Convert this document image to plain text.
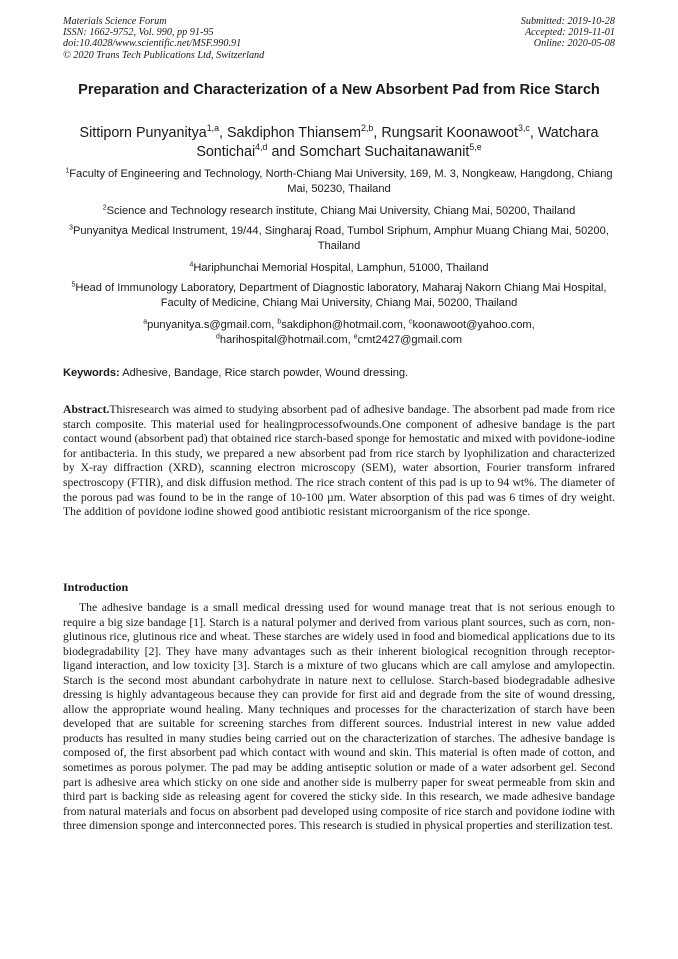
Materials Science Forum
ISSN: 1662-9752, Vol. 990, pp 91-95
doi:10.4028/www.scientific.net/MSF.990.91
© 2020 Trans Tech Publications Ltd, Switzerland
Submitted: 2019-10-28
Accepted: 2019-11-01
Online: 2020-05-08
Preparation and Characterization of a New Absorbent Pad from Rice Starch
Sittiporn Punyanitya$^{1,a}$, Sakdiphon Thiansem$^{2,b}$, Rungsarit Koonawoot$^{3,c}$, Watchara Sontichai$^{4,d}$ and Somchart Suchaitanawanit$^{5,e}$
$^1$Faculty of Engineering and Technology, North-Chiang Mai University, 169, M. 3, Nongkeaw, Hangdong, Chiang Mai, 50230, Thailand
$^2$Science and Technology research institute, Chiang Mai University, Chiang Mai, 50200, Thailand
$^3$Punyanitya Medical Instrument, 19/44, Singharaj Road, Tumbol Sriphum, Amphur Muang Chiang Mai, 50200, Thailand
$^4$Hariphunchai Memorial Hospital, Lamphun, 51000, Thailand
$^5$Head of Immunology Laboratory, Department of Diagnostic laboratory, Maharaj Nakorn Chiang Mai Hospital, Faculty of Medicine, Chiang Mai University, Chiang Mai, 50200, Thailand
$^a$punyanitya.s@gmail.com, $^b$sakdiphon@hotmail.com, $^c$koonawoot@yahoo.com,
$^d$harihospital@hotmail.com, $^e$cmt2427@gmail.com
Keywords: Adhesive, Bandage, Rice starch powder, Wound dressing.
Abstract.Thisresearch was aimed to studying absorbent pad of adhesive bandage. The absorbent pad made from rice starch composite. This material used for healingprocessofwounds.One component of adhesive bandage is the part contact wound (absorbent pad) that obtained rice starch-based sponge for hemostatic and mixed with povidone-iodine for antibacteria. In this study, we prepared a new absorbent pad from rice starch by lyophilization and characterized by X-ray diffraction (XRD), scanning electron microscopy (SEM), water absortion, Fourier transform infrared spectroscopy (FTIR), and disk diffusion method. The rice strach content of this pad is up to 94 wt%. The diameter of the porous pad was found to be in the range of 10-100 µm. Water absorption of this pad was 6 times of dry weight. The addition of povidone iodine showed good antibiotic resistant microorganism of the rice sponge.
Introduction
The adhesive bandage is a small medical dressing used for wound manage treat that is not serious enough to require a big size bandage [1]. Starch is a natural polymer and derived from various plant sources, such as corn, non-glutinous rice, glutinous rice and wheat. These starches are widely used in food and biomedical applications due to its biodegradability [2]. They have many advantages such as their inherent biological recognition through receptor-ligand interaction, and low toxicity [3]. Starch is a mixture of two glucans which are call amylose and amylopectin. Starch is the second most abundant carbohydrate in nature next to cellulose. Starch-based biodegradable adhesive dressing is highly advantageous because they can provide for first aid and degrade from the site of wound dressing, allow the appropriate wound healing. Many techniques and processes for the characterization of starch have been developed that are suitable for screening starches from different sources. Industrial interest in new value added products has resulted in many studies being carried out on the characterization of starches. The adhesive bandage is composed of, the first absorbent pad which contact with wound and skin. This material is often made of cotton, and sometimes as porous polymer. The pad may be adding antiseptic solution or made of a water adsorbent gel. Second part is adhesive area which sticky on one side and another side is mulberry paper for sweat permeable from skin and third part is backing side as releasing agent for covered the sticky side. In this research, we made adhesive bandage from natural materials and focus on absorbent pad developed using composite of rice starch and povidone iodine with three dimension sponge and interconnected pores. This research is studied in physical properties and sterilization test.
